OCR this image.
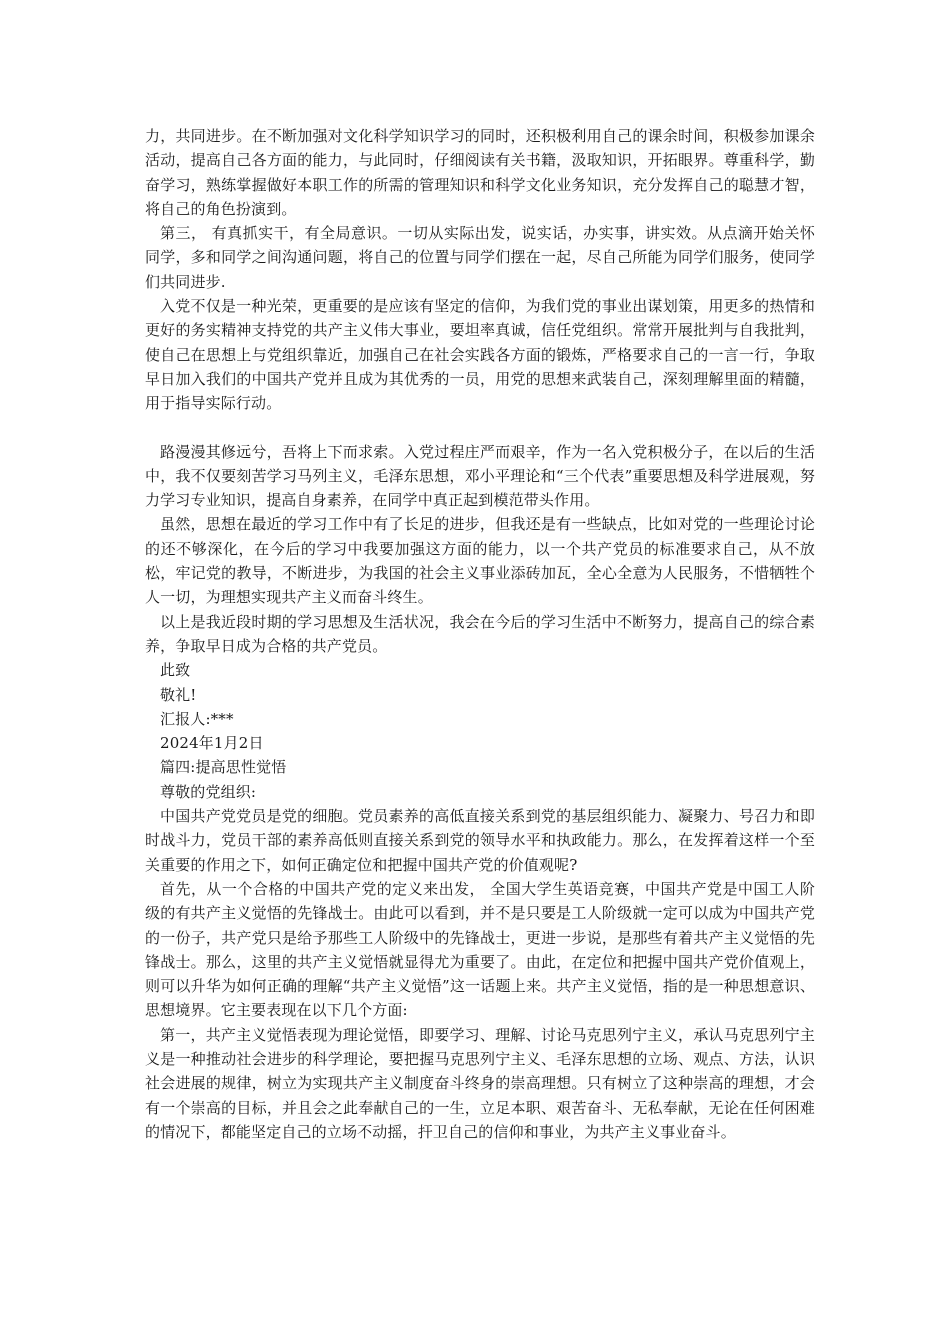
力，共同进步。在不断加强对文化科学知识学习的同时，还积极利用自己的课余时间，积极参加课余活动，提高自己各方面的能力，与此同时，仔细阅读有关书籍，汲取知识，开拓眼界。尊重科学，勤奋学习，熟练掌握做好本职工作的所需的管理知识和科学文化业务知识，充分发挥自己的聪慧才智，将自己的角色扮演到。

第三， 有真抓实干，有全局意识。一切从实际出发，说实话，办实事，讲实效。从点滴开始关怀同学，多和同学之间沟通问题，将自己的位置与同学们摆在一起，尽自己所能为同学们服务，使同学们共同进步.

入党不仅是一种光荣，更重要的是应该有坚定的信仰，为我们党的事业出谋划策，用更多的热情和更好的务实精神支持党的共产主义伟大事业，要坦率真诚，信任党组织。常常开展批判与自我批判，使自己在思想上与党组织靠近，加强自己在社会实践各方面的锻炼，严格要求自己的一言一行，争取早日加入我们的中国共产党并且成为其优秀的一员，用党的思想来武装自己，深刻理解里面的精髓，用于指导实际行动。

路漫漫其修远兮，吾将上下而求索。入党过程庄严而艰辛，作为一名入党积极分子，在以后的生活中，我不仅要刻苦学习马列主义，毛泽东思想，邓小平理论和“三个代表”重要思想及科学进展观，努力学习专业知识，提高自身素养，在同学中真正起到模范带头作用。

虽然，思想在最近的学习工作中有了长足的进步，但我还是有一些缺点，比如对党的一些理论讨论的还不够深化，在今后的学习中我要加强这方面的能力，以一个共产党员的标准要求自己，从不放松，牢记党的教导，不断进步，为我国的社会主义事业添砖加瓦，全心全意为人民服务，不惜牺牲个人一切，为理想实现共产主义而奋斗终生。

以上是我近段时期的学习思想及生活状况，我会在今后的学习生活中不断努力，提高自己的综合素养，争取早日成为合格的共产党员。

此致

敬礼!

汇报人:***

2024年1月2日

篇四:提高思性觉悟

尊敬的党组织:

中国共产党党员是党的细胞。党员素养的高低直接关系到党的基层组织能力、凝聚力、号召力和即时战斗力，党员干部的素养高低则直接关系到党的领导水平和执政能力。那么，在发挥着这样一个至关重要的作用之下，如何正确定位和把握中国共产党的价值观呢?

首先，从一个合格的中国共产党的定义来出发， 全国大学生英语竞赛，中国共产党是中国工人阶级的有共产主义觉悟的先锋战士。由此可以看到，并不是只要是工人阶级就一定可以成为中国共产党的一份子，共产党只是给予那些工人阶级中的先锋战士，更进一步说，是那些有着共产主义觉悟的先锋战士。那么，这里的共产主义觉悟就显得尤为重要了。由此，在定位和把握中国共产党价值观上，则可以升华为如何正确的理解“共产主义觉悟”这一话题上来。共产主义觉悟，指的是一种思想意识、思想境界。它主要表现在以下几个方面:

第一，共产主义觉悟表现为理论觉悟，即要学习、理解、讨论马克思列宁主义，承认马克思列宁主义是一种推动社会进步的科学理论，要把握马克思列宁主义、毛泽东思想的立场、观点、方法，认识社会进展的规律，树立为实现共产主义制度奋斗终身的崇高理想。只有树立了这种崇高的理想，才会有一个崇高的目标，并且会之此奉献自己的一生，立足本职、艰苦奋斗、无私奉献，无论在任何困难的情况下，都能坚定自己的立场不动摇，扞卫自己的信仰和事业，为共产主义事业奋斗。
